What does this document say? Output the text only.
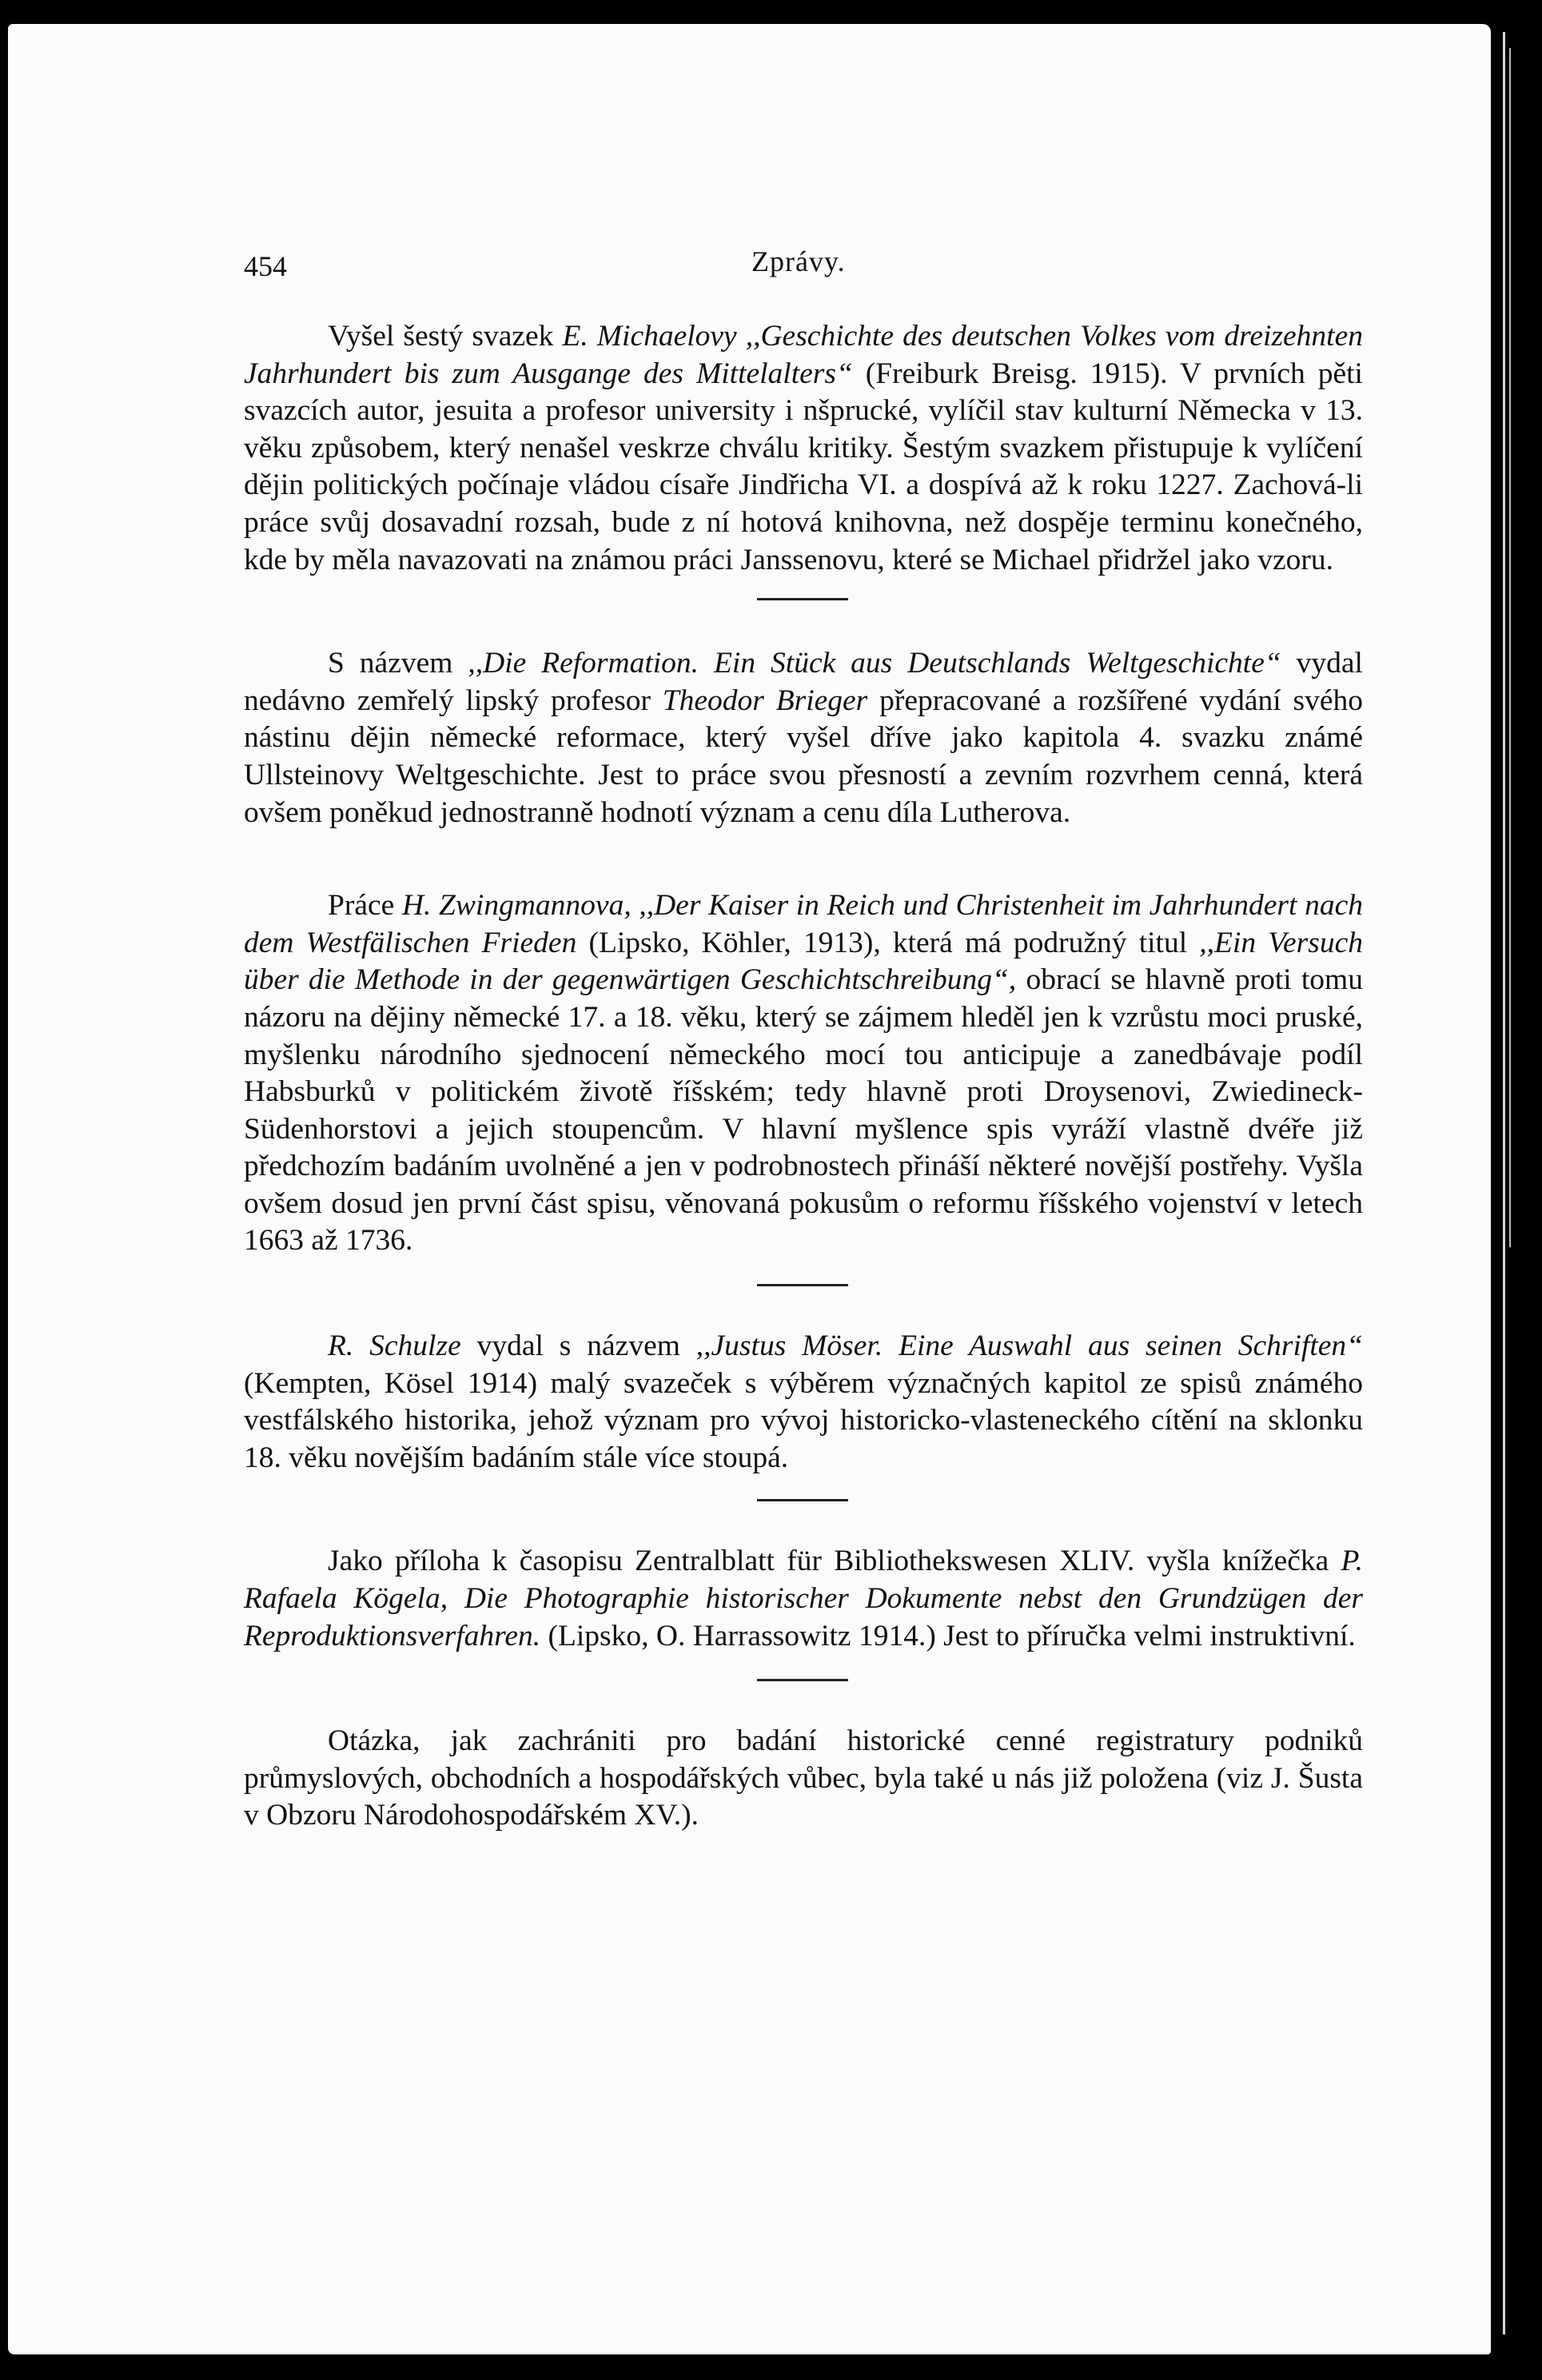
454	Zprávy.

Vyšel šestý svazek E. Michaelovy ,,Geschichte des deutschen Volkes vom dreizehnten Jahrhundert bis zum Ausgange des Mittelalters“ (Freiburk Breisg. 1915). V prvních pěti svazcích autor, jesuita a profesor university i nšprucké, vylíčil stav kulturní Německa v 13. věku způsobem, který nenašel veskrze chválu kritiky. Šestým svazkem přistupuje k vylíčení dějin politických počínaje vládou císaře Jindřicha VI. a dospívá až k roku 1227. Zachová-li práce svůj dosavadní rozsah, bude z ní hotová knihovna, než dospěje terminu konečného, kde by měla navazovati na známou práci Janssenovu, které se Michael přidržel jako vzoru.

S názvem ,,Die Reformation. Ein Stück aus Deutschlands Weltgeschichte“ vydal nedávno zemřelý lipský profesor Theodor Brieger přepracované a rozšířené vydání svého nástinu dějin německé reformace, který vyšel dříve jako kapitola 4. svazku známé Ullsteinovy Weltgeschichte. Jest to práce svou přesností a zevním rozvrhem cenná, která ovšem poněkud jednostranně hodnotí význam a cenu díla Lutherova.

Práce H. Zwingmannova, ,,Der Kaiser in Reich und Christenheit im Jahrhundert nach dem Westfälischen Frieden (Lipsko, Köhler, 1913), která má podružný titul ,,Ein Versuch über die Methode in der gegenwärtigen Geschichtschreibung“, obrací se hlavně proti tomu názoru na dějiny německé 17. a 18. věku, který se zájmem hleděl jen k vzrůstu moci pruské, myšlenku národního sjednocení německého mocí tou anticipuje a zanedbávaje podíl Habsburků v politickém životě říšském; tedy hlavně proti Droysenovi, Zwiedineck-Südenhorstovi a jejich stoupencům. V hlavní myšlence spis vyráží vlastně dvéře již předchozím badáním uvolněné a jen v podrobnostech přináší některé novější postřehy. Vyšla ovšem dosud jen první část spisu, věnovaná pokusům o reformu říšského vojenství v letech 1663 až 1736.

R. Schulze vydal s názvem ,,Justus Möser. Eine Auswahl aus seinen Schriften“ (Kempten, Kösel 1914) malý svazeček s výběrem význačných kapitol ze spisů známého vestfálského historika, jehož význam pro vývoj historicko-vlasteneckého cítění na sklonku 18. věku novějším badáním stále více stoupá.

Jako příloha k časopisu Zentralblatt für Bibliothekswesen XLIV. vyšla knížečka P. Rafaela Kögela, Die Photographie historischer Dokumente nebst den Grundzügen der Reproduktionsverfahren. (Lipsko, O. Harrassowitz 1914.) Jest to příručka velmi instruktivní.

Otázka, jak zachrániti pro badání historické cenné registratury podniků průmyslových, obchodních a hospodářských vůbec, byla také u nás již položena (viz J. Šusta v Obzoru Národohospodářském XV.).
